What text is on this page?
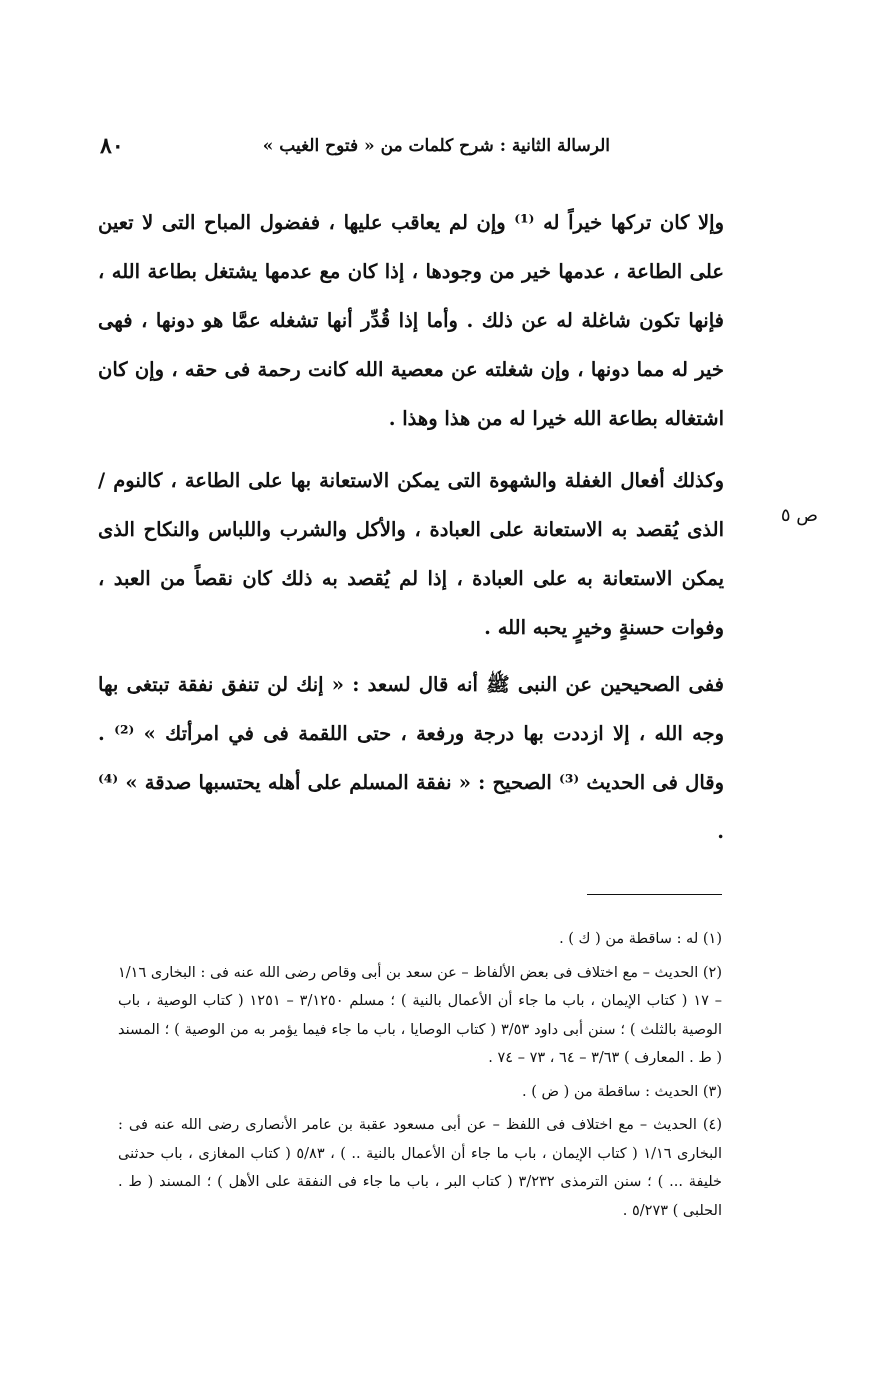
الرسالة الثانية : شرح كلمات من « فتوح الغيب »
٨٠
وإلا كان تركها خيراً له ⁽¹⁾ وإن لم يعاقب عليها ، ففضول المباح التى لا تعين على الطاعة ، عدمها خير من وجودها ، إذا كان مع عدمها يشتغل بطاعة الله ، فإنها تكون شاغلة له عن ذلك . وأما إذا قُدِّر أنها تشغله عمَّا هو دونها ، فهى خير له مما دونها ، وإن شغلته عن معصية الله كانت رحمة فى حقه ، وإن كان اشتغاله بطاعة الله خيرا له من هذا وهذا .
وكذلك أفعال الغفلة والشهوة التى يمكن الاستعانة بها على الطاعة ، كالنوم / الذى يُقصد به الاستعانة على العبادة ، والأكل والشرب واللباس والنكاح الذى يمكن الاستعانة به على العبادة ، إذا لم يُقصد به ذلك كان نقصاً من العبد ، وفوات حسنةٍ وخيرٍ يحبه الله .
ففى الصحيحين عن النبى ﷺ أنه قال لسعد : « إنك لن تنفق نفقة تبتغى بها وجه الله ، إلا ازددت بها درجة ورفعة ، حتى اللقمة فى في امرأتك » ⁽²⁾ . وقال فى الحديث ⁽³⁾ الصحيح : « نفقة المسلم على أهله يحتسبها صدقة » ⁽⁴⁾ .
ص ٥

(١) له : ساقطة من ( ك ) .

(٢) الحديث – مع اختلاف فى بعض الألفاظ – عن سعد بن أبى وقاص رضى الله عنه فى : البخارى ١/١٦ – ١٧ ( كتاب الإيمان ، باب ما جاء أن الأعمال بالنية ) ؛ مسلم ٣/١٢٥٠ – ١٢٥١ ( كتاب الوصية ، باب الوصية بالثلث ) ؛ سنن أبى داود ٣/٥٣ ( كتاب الوصايا ، باب ما جاء فيما يؤمر به من الوصية ) ؛ المسند ( ط . المعارف ) ٣/٦٣ – ٦٤ ، ٧٣ – ٧٤ .

(٣) الحديث : ساقطة من ( ض ) .

(٤) الحديث – مع اختلاف فى اللفظ – عن أبى مسعود عقبة بن عامر الأنصارى رضى الله عنه فى : البخارى ١/١٦ ( كتاب الإيمان ، باب ما جاء أن الأعمال بالنية .. ) ، ٥/٨٣ ( كتاب المغازى ، باب حدثنى خليفة ... ) ؛ سنن الترمذى ٣/٢٣٢ ( كتاب البر ، باب ما جاء فى النفقة على الأهل ) ؛ المسند ( ط . الحلبى ) ٥/٢٧٣ .
